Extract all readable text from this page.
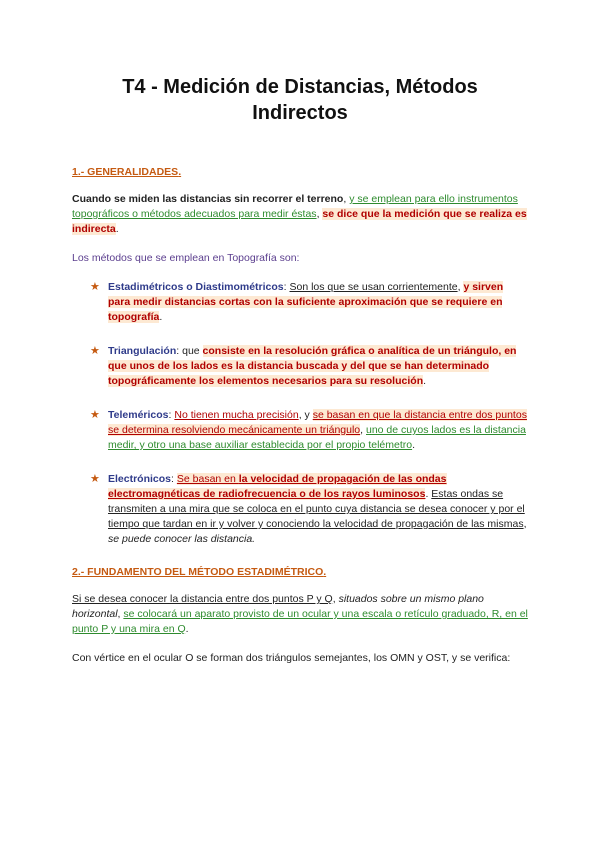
T4 - Medición de Distancias, Métodos
Indirectos
1.- GENERALIDADES.

Cuando se miden las distancias sin recorrer el terreno, y se emplean para ello instrumentos topográficos o métodos adecuados para medir éstas, se dice que la medición que se realiza es indirecta.

Los métodos que se emplean en Topografía son:

★ Estadimétricos o Diastimométricos: Son los que se usan corrientemente, y sirven para medir distancias cortas con la suficiente aproximación que se requiere en topografía.
★ Triangulación: que consiste en la resolución gráfica o analítica de un triángulo, en que unos de los lados es la distancia buscada y del que se han determinado topográficamente los elementos necesarios para su resolución.
★ Teleméricos: No tienen mucha precisión, y se basan en que la distancia entre dos puntos se determina resolviendo mecánicamente un triángulo, uno de cuyos lados es la distancia medir, y otro una base auxiliar establecida por el propio telémetro.
★ Electrónicos: Se basan en la velocidad de propagación de las ondas electromagnéticas de radiofrecuencia o de los rayos luminosos. Estas ondas se transmiten a una mira que se coloca en el punto cuya distancia se desea conocer y por el tiempo que tardan en ir y volver y conociendo la velocidad de propagación de las mismas, se puede conocer las distancia.
2.- FUNDAMENTO DEL MÉTODO ESTADIMÉTRICO.

Si se desea conocer la distancia entre dos puntos P y Q, situados sobre un mismo plano horizontal, se colocará un aparato provisto de un ocular y una escala o retículo graduado, R, en el punto P y una mira en Q.

Con vértice en el ocular O se forman dos triángulos semejantes, los OMN y OST, y se verifica:
